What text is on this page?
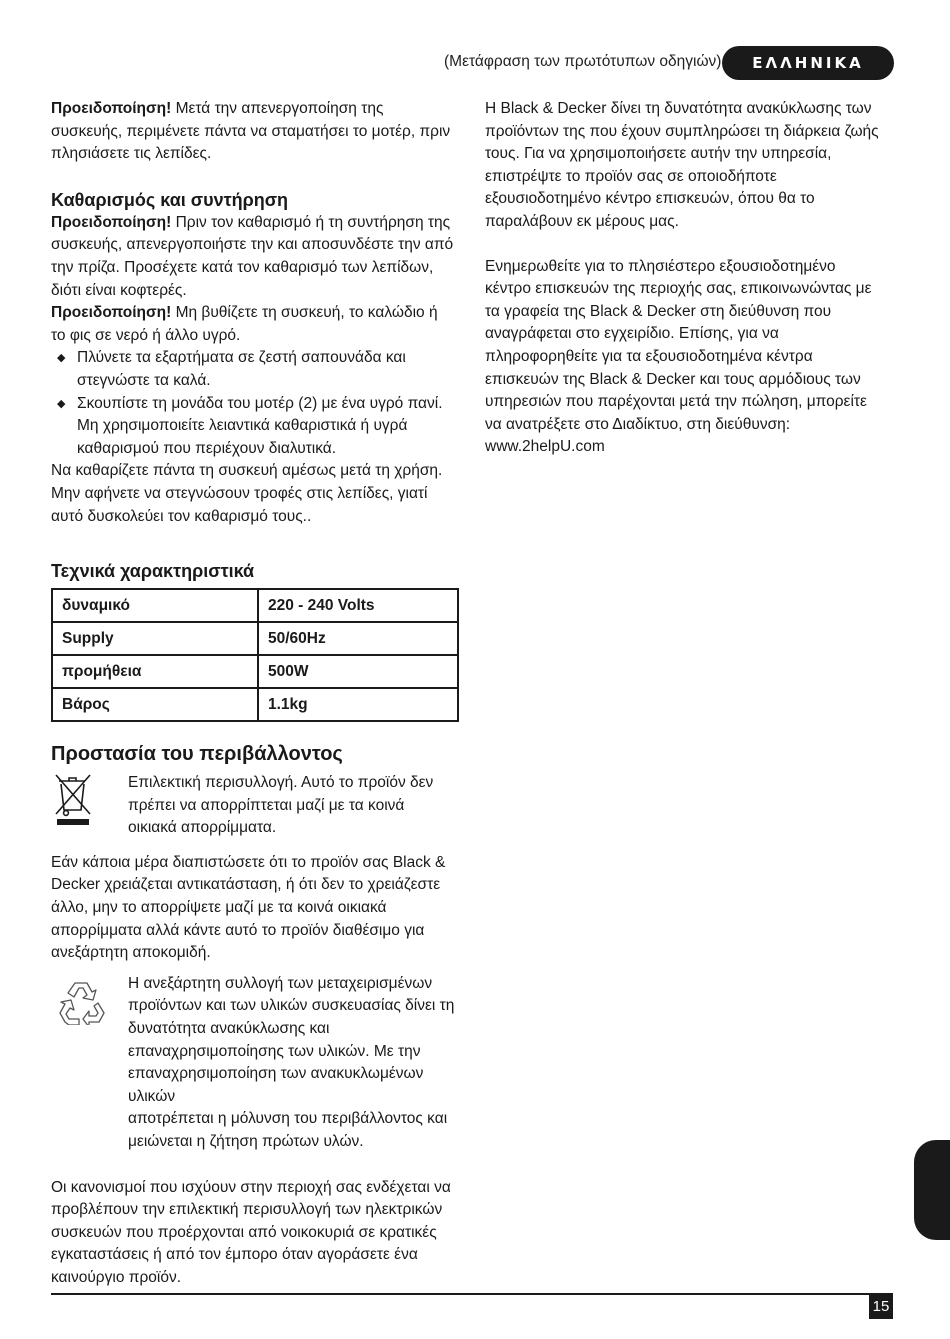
(Μετάφραση των πρωτότυπων οδηγιών)	ΕΛΛΗΝΙΚΑ

Προειδοποίηση! Μετά την απενεργοποίηση της συσκευής, περιμένετε πάντα να σταματήσει το μοτέρ, πριν πλησιάσετε τις λεπίδες.

Καθαρισμός και συντήρηση

Προειδοποίηση! Πριν τον καθαρισμό ή τη συντήρηση της συσκευής, απενεργοποιήστε την και αποσυνδέστε την από την πρίζα. Προσέχετε κατά τον καθαρισμό των λεπίδων, διότι είναι κοφτερές.

Προειδοποίηση! Μη βυθίζετε τη συσκευή, το καλώδιο ή το φις σε νερό ή άλλο υγρό.

◆ Πλύνετε τα εξαρτήματα σε ζεστή σαπουνάδα και στεγνώστε τα καλά.
◆ Σκουπίστε τη μονάδα του μοτέρ (2) με ένα υγρό πανί. Μη χρησιμοποιείτε λειαντικά καθαριστικά ή υγρά καθαρισμού που περιέχουν διαλυτικά.

Να καθαρίζετε πάντα τη συσκευή αμέσως μετά τη χρήση. Μην αφήνετε να στεγνώσουν τροφές στις λεπίδες, γιατί αυτό δυσκολεύει τον καθαρισμό τους..

Τεχνικά χαρακτηριστικά
δυναμικό	220 - 240 Volts
Supply	50/60Hz
προμήθεια	500W
Βάρος	1.1kg
Προστασία του περιβάλλοντος

Επιλεκτική περισυλλογή. Αυτό το προϊόν δεν πρέπει να απορρίπτεται μαζί με τα κοινά οικιακά απορρίμματα.

Εάν κάποια μέρα διαπιστώσετε ότι το προϊόν σας Black & Decker χρειάζεται αντικατάσταση, ή ότι δεν το χρειάζεστε άλλο, μην το απορρίψετε μαζί με τα κοινά οικιακά απορρίμματα αλλά κάντε αυτό το προϊόν διαθέσιμο για ανεξάρτητη αποκομιδή.

Η ανεξάρτητη συλλογή των μεταχειρισμένων προϊόντων και των υλικών συσκευασίας δίνει τη δυνατότητα ανακύκλωσης και επαναχρησιμοποίησης των υλικών. Με την επαναχρησιμοποίηση των ανακυκλωμένων υλικών

αποτρέπεται η μόλυνση του περιβάλλοντος και μειώνεται η ζήτηση πρώτων υλών.

Οι κανονισμοί που ισχύουν στην περιοχή σας ενδέχεται να προβλέπουν την επιλεκτική περισυλλογή των ηλεκτρικών συσκευών που προέρχονται από νοικοκυριά σε κρατικές εγκαταστάσεις ή από τον έμπορο όταν αγοράσετε ένα καινούργιο προϊόν.

Η Black & Decker δίνει τη δυνατότητα ανακύκλωσης των προϊόντων της που έχουν συμπληρώσει τη διάρκεια ζωής τους. Για να χρησιμοποιήσετε αυτήν την υπηρεσία, επιστρέψτε το προϊόν σας σε οποιοδήποτε εξουσιοδοτημένο κέντρο επισκευών, όπου θα το παραλάβουν εκ μέρους μας.

Ενημερωθείτε για το πλησιέστερο εξουσιοδοτημένο κέντρο επισκευών της περιοχής σας, επικοινωνώντας με τα γραφεία της Black & Decker στη διεύθυνση που αναγράφεται στο εγχειρίδιο. Επίσης, για να πληροφορηθείτε για τα εξουσιοδοτημένα κέντρα επισκευών της Black & Decker και τους αρμόδιους των υπηρεσιών που παρέχονται μετά την πώληση, μπορείτε να ανατρέξετε στο Διαδίκτυο, στη διεύθυνση: www.2helpU.com

15
